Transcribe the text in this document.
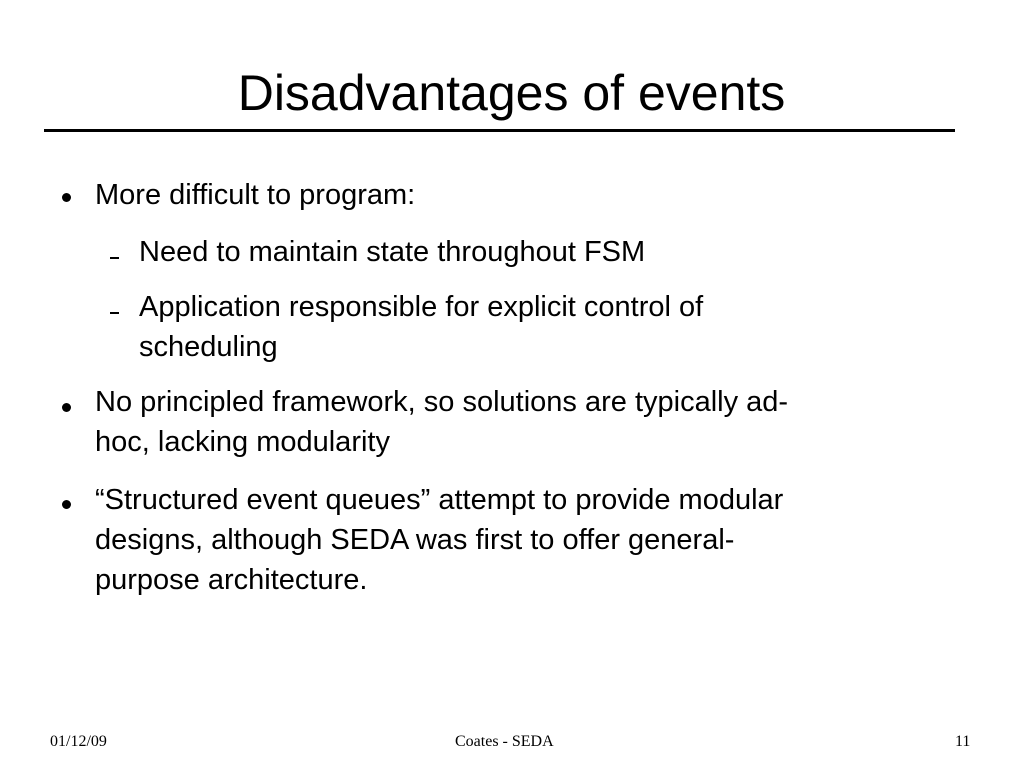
Disadvantages of events
More difficult to program:
Need to maintain state throughout FSM
Application responsible for explicit control of
scheduling
No principled framework, so solutions are typically ad-
hoc, lacking modularity
“Structured event queues” attempt to provide modular
designs, although SEDA was first to offer general-
purpose architecture.
01/12/09	Coates - SEDA	11
